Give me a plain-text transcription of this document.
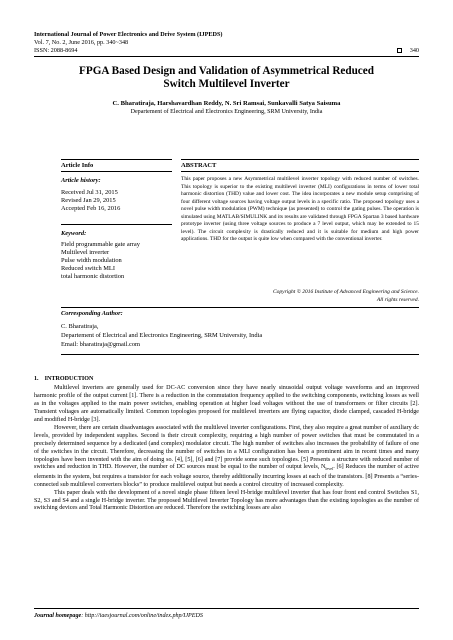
International Journal of Power Electronics and Drive System (IJPEDS)
Vol. 7, No. 2, June 2016, pp. 340~348
ISSN: 2088-8694	340
FPGA Based Design and Validation of Asymmetrical Reduced
Switch Multilevel Inverter
C. Bharatiraja, Harshavardhan Reddy, N. Sri Ramsai, Sunkavalli Satya Saisuma
Departement of Electrical and Electronics Engineering, SRM University, India
Article Info
Article history:
Received Jul 31, 2015
Revised Jan 29, 2015
Accepted Feb 16, 2016
Keyword:
Field programmable gate array
Multilevel inverter
Pulse width modulation
Reduced switch MLI
total harmonic distortion
ABSTRACT
This paper proposes a new Asymmetrical multilevel inverter topology with reduced number of switches. This topology is superior to the existing multilevel inverter (MLI) configurations in terms of lower total harmonic distortion (THD) value and lower cost. The idea incorporates a new module setup comprising of four different voltage sources having voltage output levels in a specific ratio. The proposed topology uses a novel pulse width modulation (PWM) technique (as presented) to control the gating pulses. The operation is simulated using MATLAB/SIMULINK and its results are validated through FPGA Spartan 3 based hardware prototype inverter (using three voltage sources to produce a 7 level output, which may be extended to 15 level). The circuit complexity is drastically reduced and it is suitable for medium and high power applications. THD for the output is quite low when compared with the conventional inverter.
Copyright © 2016 Institute of Advanced Engineering and Science.
All rights reserved.
Corresponding Author:
C. Bharatiraja,
Departement of Electrical and Electronics Engineering, SRM University, India
Email: bharatiraja@gmail.com
1.    INTRODUCTION

Multilevel inverters are generally used for DC-AC conversion since they have nearly sinusoidal output voltage waveforms and an improved harmonic profile of the output current [1]. There is a reduction in the commutation frequency applied to the switching components, switching losses as well as in the voltages applied to the main power switches, enabling operation at higher load voltages without the use of transformers or filter circuits [2]. Transient voltages are automatically limited. Common topologies proposed for multilevel inverters are flying capacitor, diode clamped, cascaded H-bridge and modified H-bridge [3].

However, there are certain disadvantages associated with the multilevel inverter configurations. First, they also require a great number of auxiliary dc levels, provided by independent supplies. Second is their circuit complexity, requiring a high number of power switches that must be commutated in a precisely determined sequence by a dedicated (and complex) modulator circuit. The high number of switches also increases the probability of failure of one of the switches in the circuit. Therefore, decreasing the number of switches in a MLI configuration has been a prominent aim in recent times and many topologies have been invented with the aim of doing so. [4], [5], [6] and [7] provide some such topologies. [5] Presents a structure with reduced number of switches and reduction in THD. However, the number of DC sources must be equal to the number of output levels, $N_{level}$. [6] Reduces the number of active elements in the system, but requires a transistor for each voltage source, thereby additionally incurring losses at each of the transistors. [8] Presents a “series-connected sub multilevel converters blocks” to produce multilevel output but needs a control circuitry of increased complexity.

This paper deals with the development of a novel single phase fifteen level H-bridge multilevel inverter that has four front end control Switches S1, S2, S3 and S4 and a single H-bridge inverter. The proposed Multilevel Inverter Topology has more advantages than the existing topologies as the number of switching devices and Total Harmonic Distortion are reduced. Therefore the switching losses are also

Journal homepage: http://iaesjournal.com/online/index.php/IJPEDS
